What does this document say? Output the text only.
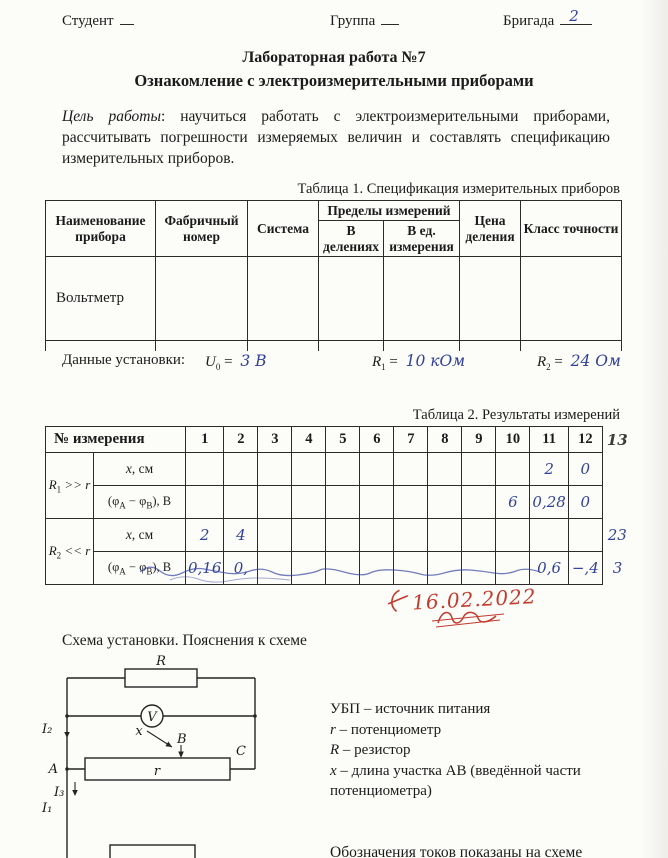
Студент	Группа	Бригада 2
Лабораторная работа №7
Ознакомление с электроизмерительными приборами

Цель работы: научиться работать с электроизмерительными приборами, рассчитывать погрешности измеряемых величин и составлять спецификацию измерительных приборов.

Таблица 1. Спецификация измерительных приборов
Наименование прибора	Фабричный номер	Система	Пределы измерений		Цена деления	Класс точности
			В делениях	В ед. измерения		
Вольтметр						

Данные установки: $U_0 = 3$ В	$R_1 = 10$ кОм	$R_2 = 24$ Ом
Таблица 2. Результаты измерений
№ измерения		1	2	3	4	5	6	7	8	9	10	11	12	13
$R_1 >> r$	x, см											2	0	
	$(\varphi_A - \varphi_B)$, В										6	0,28	0	
$R_2 << r$	x, см	2	4											23
	$(\varphi_A - \varphi_B)$, В	0,16	0,									0,6	−,4	3
16.02.2022
Схема установки. Пояснения к схеме
R
V
x
B
C
A	r
I₂
I₃
I₁
УБП – источник питания
r – потенциометр
R – резистор
x – длина участка АВ (введённой части потенциометра)
Обозначения токов показаны на схеме
